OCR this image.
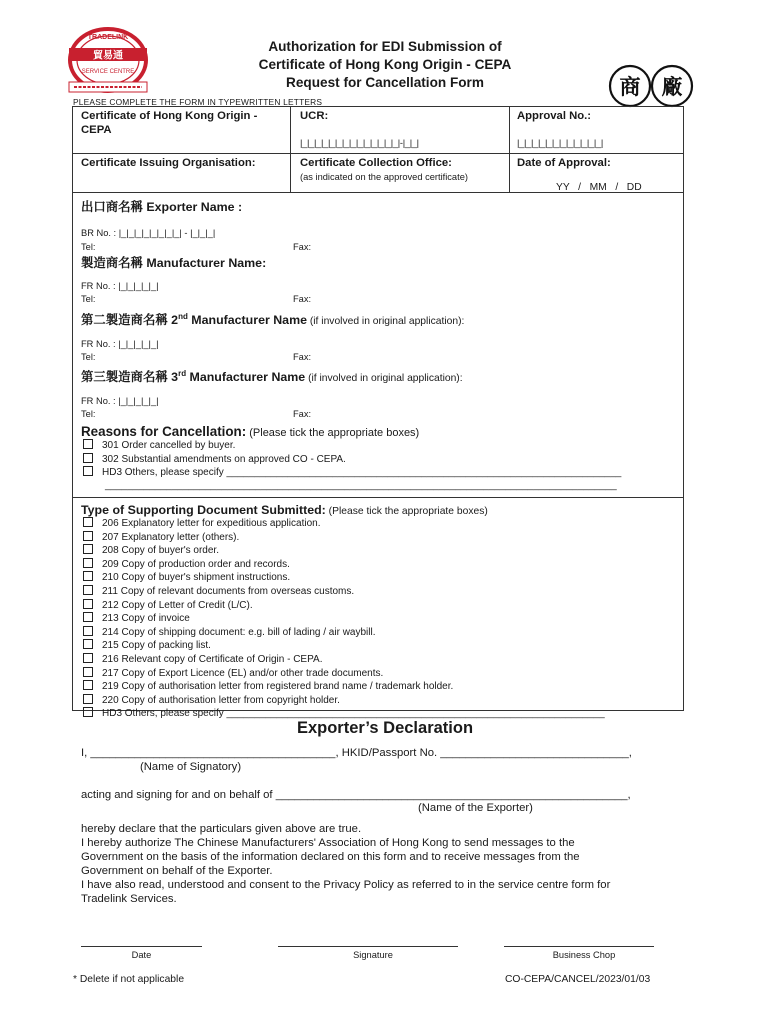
TRADELINK
貿易通
SERVICE CENTRE
商 廠
Authorization for EDI Submission of
Certificate of Hong Kong Origin - CEPA
Request for Cancellation Form
PLEASE COMPLETE THE FORM IN TYPEWRITTEN LETTERS
Certificate of Hong Kong Origin - CEPA
UCR:
|_|_|_|_|_|_|_|_|_|_|_|_|_|_|-|_|_|
Approval No.:
|_|_|_|_|_|_|_|_|_|_|_|_|
Certificate Issuing Organisation:	Certificate Collection Office:
(as indicated on the approved certificate)
Date of Approval:
YY   /   MM   /   DD
出口商名稱 Exporter Name :
BR No. : |_|_|_|_|_|_|_|_| - |_|_|_|
Tel:	Fax:
製造商名稱 Manufacturer Name:
FR No. : |_|_|_|_|_|
Tel:	Fax:
第二製造商名稱 2nd Manufacturer Name (if involved in original application):
FR No. : |_|_|_|_|_|
Tel:	Fax:
第三製造商名稱 3rd Manufacturer Name (if involved in original application):
FR No. : |_|_|_|_|_|
Tel:	Fax:
Reasons for Cancellation: (Please tick the appropriate boxes)
301 Order cancelled by buyer.
302 Substantial amendments on approved CO - CEPA.
HD3 Others, please specify _______________________________________________________________________
____________________________________________________________________________________________
Type of Supporting Document Submitted: (Please tick the appropriate boxes)
206 Explanatory letter for expeditious application.
207 Explanatory letter (others).
208 Copy of buyer's order.
209 Copy of production order and records.
210 Copy of buyer's shipment instructions.
211 Copy of relevant documents from overseas customs.
212 Copy of Letter of Credit (L/C).
213 Copy of invoice
214 Copy of shipping document: e.g. bill of lading / air waybill.
215 Copy of packing list.
216 Relevant copy of Certificate of Origin - CEPA.
217 Copy of Export Licence (EL) and/or other trade documents.
219 Copy of authorisation letter from registered brand name / trademark holder.
220 Copy of authorisation letter from copyright holder.
HD3 Others, please specify ____________________________________________________________________
Exporter’s Declaration
I, _______________________________________, HKID/Passport No. ______________________________,
(Name of Signatory)
acting and signing for and on behalf of ________________________________________________________,
(Name of the Exporter)
hereby declare that the particulars given above are true.
I hereby authorize The Chinese Manufacturers' Association of Hong Kong to send messages to the
Government on the basis of the information declared on this form and to receive messages from the
Government on behalf of the Exporter.
I have also read, understood and consent to the Privacy Policy as referred to in the service centre form for
Tradelink Services.
Date	Signature	Business Chop
* Delete if not applicable	CO-CEPA/CANCEL/2023/01/03
